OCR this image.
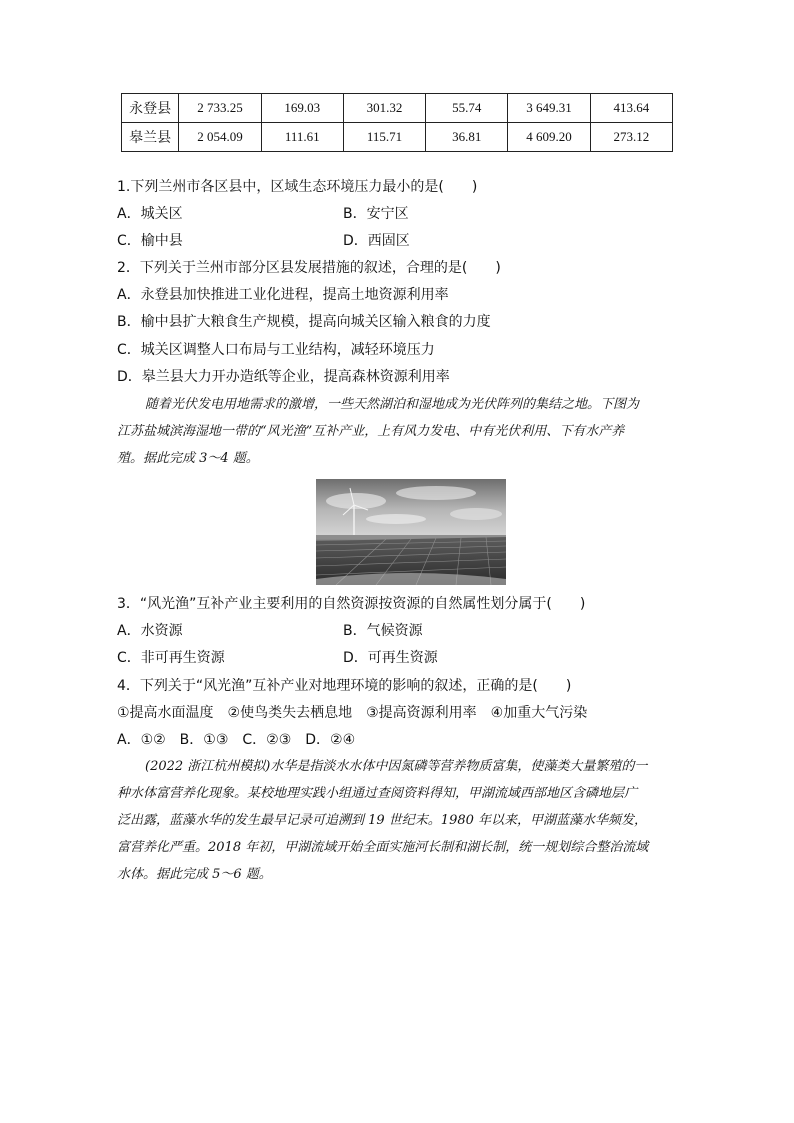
永登县	2 733.25	169.03	301.32	55.74	3 649.31	413.64
皋兰县	2 054.09	111.61	115.71	36.81	4 609.20	273.12
1.下列兰州市各区县中，区域生态环境压力最小的是(　　)
A．城关区	B．安宁区
C．榆中县	D．西固区
2．下列关于兰州市部分区县发展措施的叙述，合理的是(　　)
A．永登县加快推进工业化进程，提高土地资源利用率
B．榆中县扩大粮食生产规模，提高向城关区输入粮食的力度
C．城关区调整人口布局与工业结构，减轻环境压力
D．皋兰县大力开办造纸等企业，提高森林资源利用率

随着光伏发电用地需求的激增，一些天然湖泊和湿地成为光伏阵列的集结之地。下图为

江苏盐城滨海湿地一带的“风光渔”互补产业，上有风力发电、中有光伏利用、下有水产养

殖。据此完成 3～4 题。

3．“风光渔”互补产业主要利用的自然资源按资源的自然属性划分属于(　　)
A．水资源	B．气候资源
C．非可再生资源	D．可再生资源
4．下列关于“风光渔”互补产业对地理环境的影响的叙述，正确的是(　　)
①提高水面温度　②使鸟类失去栖息地　③提高资源利用率　④加重大气污染
A．①②　B．①③　C．②③　D．②④

(2022 浙江杭州模拟)水华是指淡水水体中因氮磷等营养物质富集，使藻类大量繁殖的一

种水体富营养化现象。某校地理实践小组通过查阅资料得知，甲湖流域西部地区含磷地层广

泛出露，蓝藻水华的发生最早记录可追溯到 19 世纪末。1980 年以来，甲湖蓝藻水华频发，

富营养化严重。2018 年初，甲湖流域开始全面实施河长制和湖长制，统一规划综合整治流域

水体。据此完成 5～6 题。
